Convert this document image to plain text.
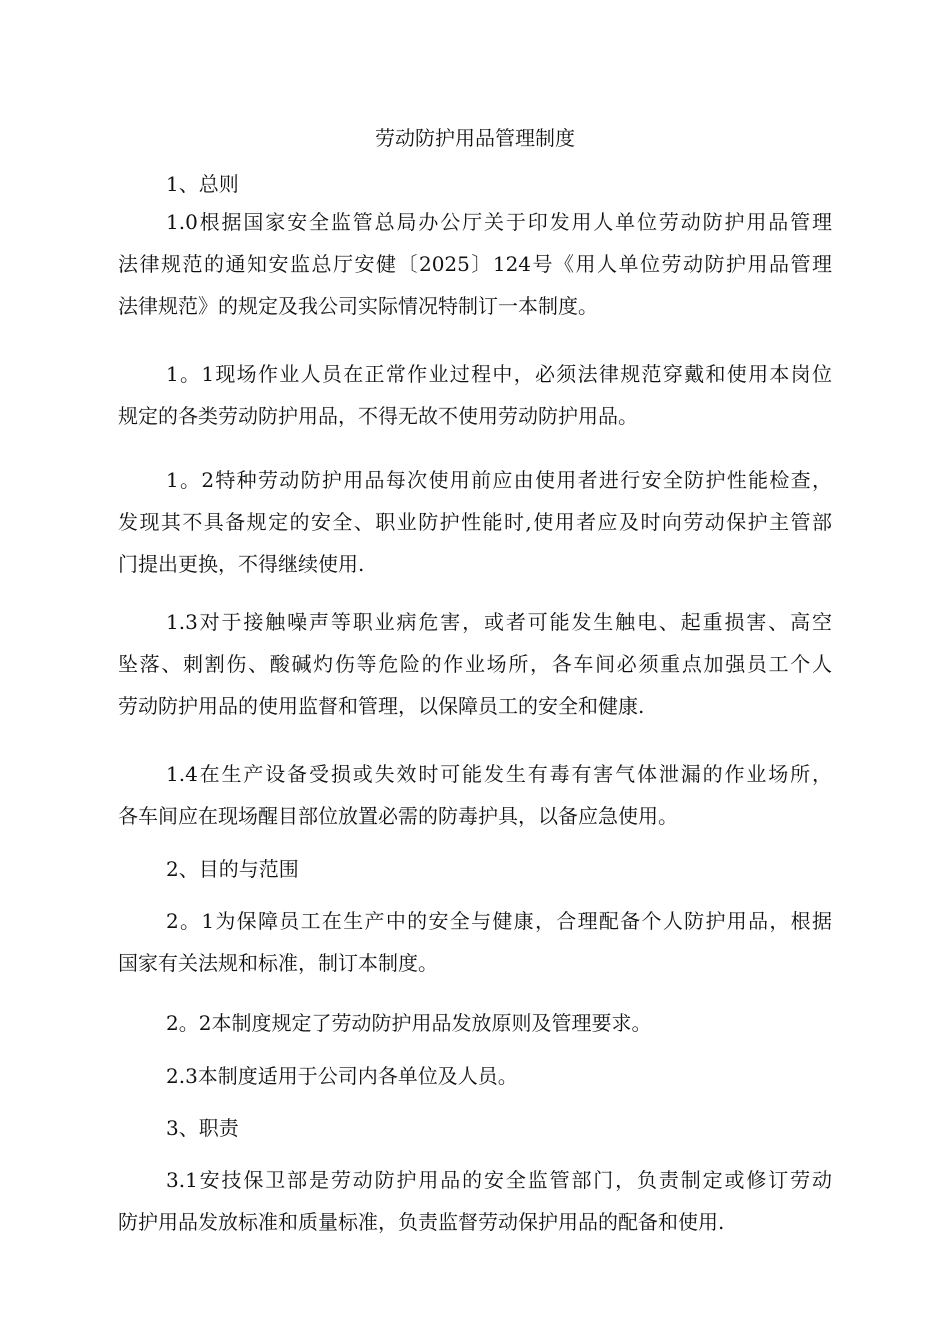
劳动防护用品管理制度
1、总则
1.0根据国家安全监管总局办公厅关于印发用人单位劳动防护用品管理
法律规范的通知安监总厅安健〔2025〕124号《用人单位劳动防护用品管理
法律规范》的规定及我公司实际情况特制订一本制度。
1。1现场作业人员在正常作业过程中，必须法律规范穿戴和使用本岗位
规定的各类劳动防护用品，不得无故不使用劳动防护用品。
1。2特种劳动防护用品每次使用前应由使用者进行安全防护性能检查，
发现其不具备规定的安全、职业防护性能时,使用者应及时向劳动保护主管部
门提出更换，不得继续使用.
1.3对于接触噪声等职业病危害，或者可能发生触电、起重损害、高空
坠落、刺割伤、酸碱灼伤等危险的作业场所，各车间必须重点加强员工个人
劳动防护用品的使用监督和管理，以保障员工的安全和健康.
1.4在生产设备受损或失效时可能发生有毒有害气体泄漏的作业场所，
各车间应在现场醒目部位放置必需的防毒护具，以备应急使用。
2、目的与范围
2。1为保障员工在生产中的安全与健康，合理配备个人防护用品，根据
国家有关法规和标准，制订本制度。
2。2本制度规定了劳动防护用品发放原则及管理要求。
2.3本制度适用于公司内各单位及人员。
3、职责
3.1安技保卫部是劳动防护用品的安全监管部门，负责制定或修订劳动
防护用品发放标准和质量标准，负责监督劳动保护用品的配备和使用.
